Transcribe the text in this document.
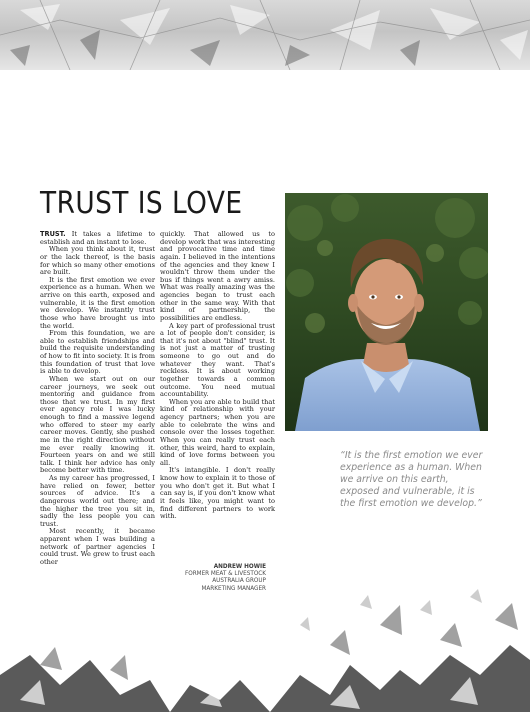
TRUST IS LOVE

TRUST. It takes a lifetime to establish and an instant to lose.

When you think about it, trust or the lack thereof, is the basis for which so many other emotions are built.

It is the first emotion we ever experience as a human. When we arrive on this earth, exposed and vulnerable, it is the first emotion we develop. We instantly trust those who have brought us into the world.

From this foundation, we are able to establish friendships and build the requisite understanding of how to fit into society. It is from this foundation of trust that love is able to develop.

When we start out on our career journeys, we seek out mentoring and guidance from those that we trust. In my first ever agency role I was lucky enough to find a massive legend who offered to steer my early career moves. Gently, she pushed me in the right direction without me ever really knowing it. Fourteen years on and we still talk. I think her advice has only become better with time.

As my career has progressed, I have relied on fewer, better sources of advice. It's a dangerous world out there; and the higher the tree you sit in, sadly the less people you can trust.

Most recently, it became apparent when I was building a network of partner agencies I could trust. We grew to trust each other

quickly. That allowed us to develop work that was interesting and provocative time and time again. I believed in the intentions of the agencies and they knew I wouldn't throw them under the bus if things went a awry amiss. What was really amazing was the agencies began to trust each other in the same way. With that kind of partnership, the possibilities are endless.

A key part of professional trust a lot of people don't consider, is that it's not about "blind" trust. It is not just a matter of trusting someone to go out and do whatever they want. That's reckless. It is about working together towards a common outcome. You need mutual accountability.

When you are able to build that kind of relationship with your agency partners; when you are able to celebrate the wins and console over the losses together. When you can really trust each other, this weird, hard to explain, kind of love forms between you all.

It's intangible. I don't really know how to explain it to those of you who don't get it. But what I can say is, if you don't know what it feels like, you might want to find different partners to work with.

ANDREW HOWIE
FORMER MEAT & LIVESTOCK
AUSTRALIA GROUP
MARKETING MANAGER
“It is the first emotion we ever experience as a human. When we arrive on this earth, exposed and vulnerable, it is the first emotion we develop.”
